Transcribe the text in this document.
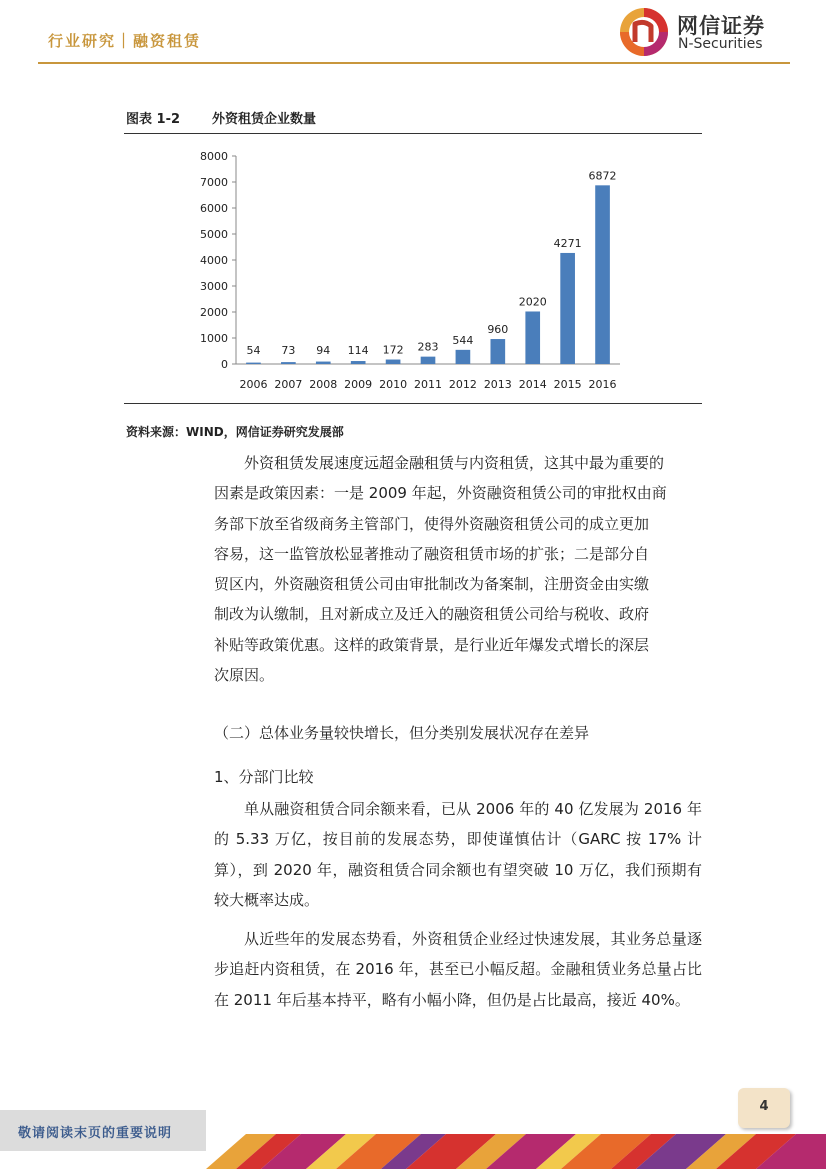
行业研究｜融资租赁
网信证券
N-Securities
图表 1-2 外资租赁企业数量
0
1000
2000
3000
4000
5000
6000
7000
8000
54
2006
73
2007
94
2008
114
2009
172
2010
283
2011
544
2012
960
2013
2020
2014
4271
2015
6872
2016
资料来源：WIND，网信证券研究发展部
外资租赁发展速度远超金融租赁与内资租赁，这其中最为重要的
因素是政策因素：一是 2009 年起，外资融资租赁公司的审批权由商
务部下放至省级商务主管部门，使得外资融资租赁公司的成立更加
容易，这一监管放松显著推动了融资租赁市场的扩张；二是部分自
贸区内，外资融资租赁公司由审批制改为备案制，注册资金由实缴
制改为认缴制，且对新成立及迁入的融资租赁公司给与税收、政府
补贴等政策优惠。这样的政策背景，是行业近年爆发式增长的深层
次原因。
（二）总体业务量较快增长，但分类别发展状况存在差异
1、分部门比较
单从融资租赁合同余额来看，已从 2006 年的 40 亿发展为 2016 年的 5.33 万亿，按目前的发展态势，即使谨慎估计（GARC 按 17% 计算），到 2020 年，融资租赁合同余额也有望突破 10 万亿，我们预期有较大概率达成。
从近些年的发展态势看，外资租赁企业经过快速发展，其业务总量逐步追赶内资租赁，在 2016 年，甚至已小幅反超。金融租赁业务总量占比在 2011 年后基本持平，略有小幅小降，但仍是占比最高，接近 40%。
4
敬请阅读末页的重要说明
